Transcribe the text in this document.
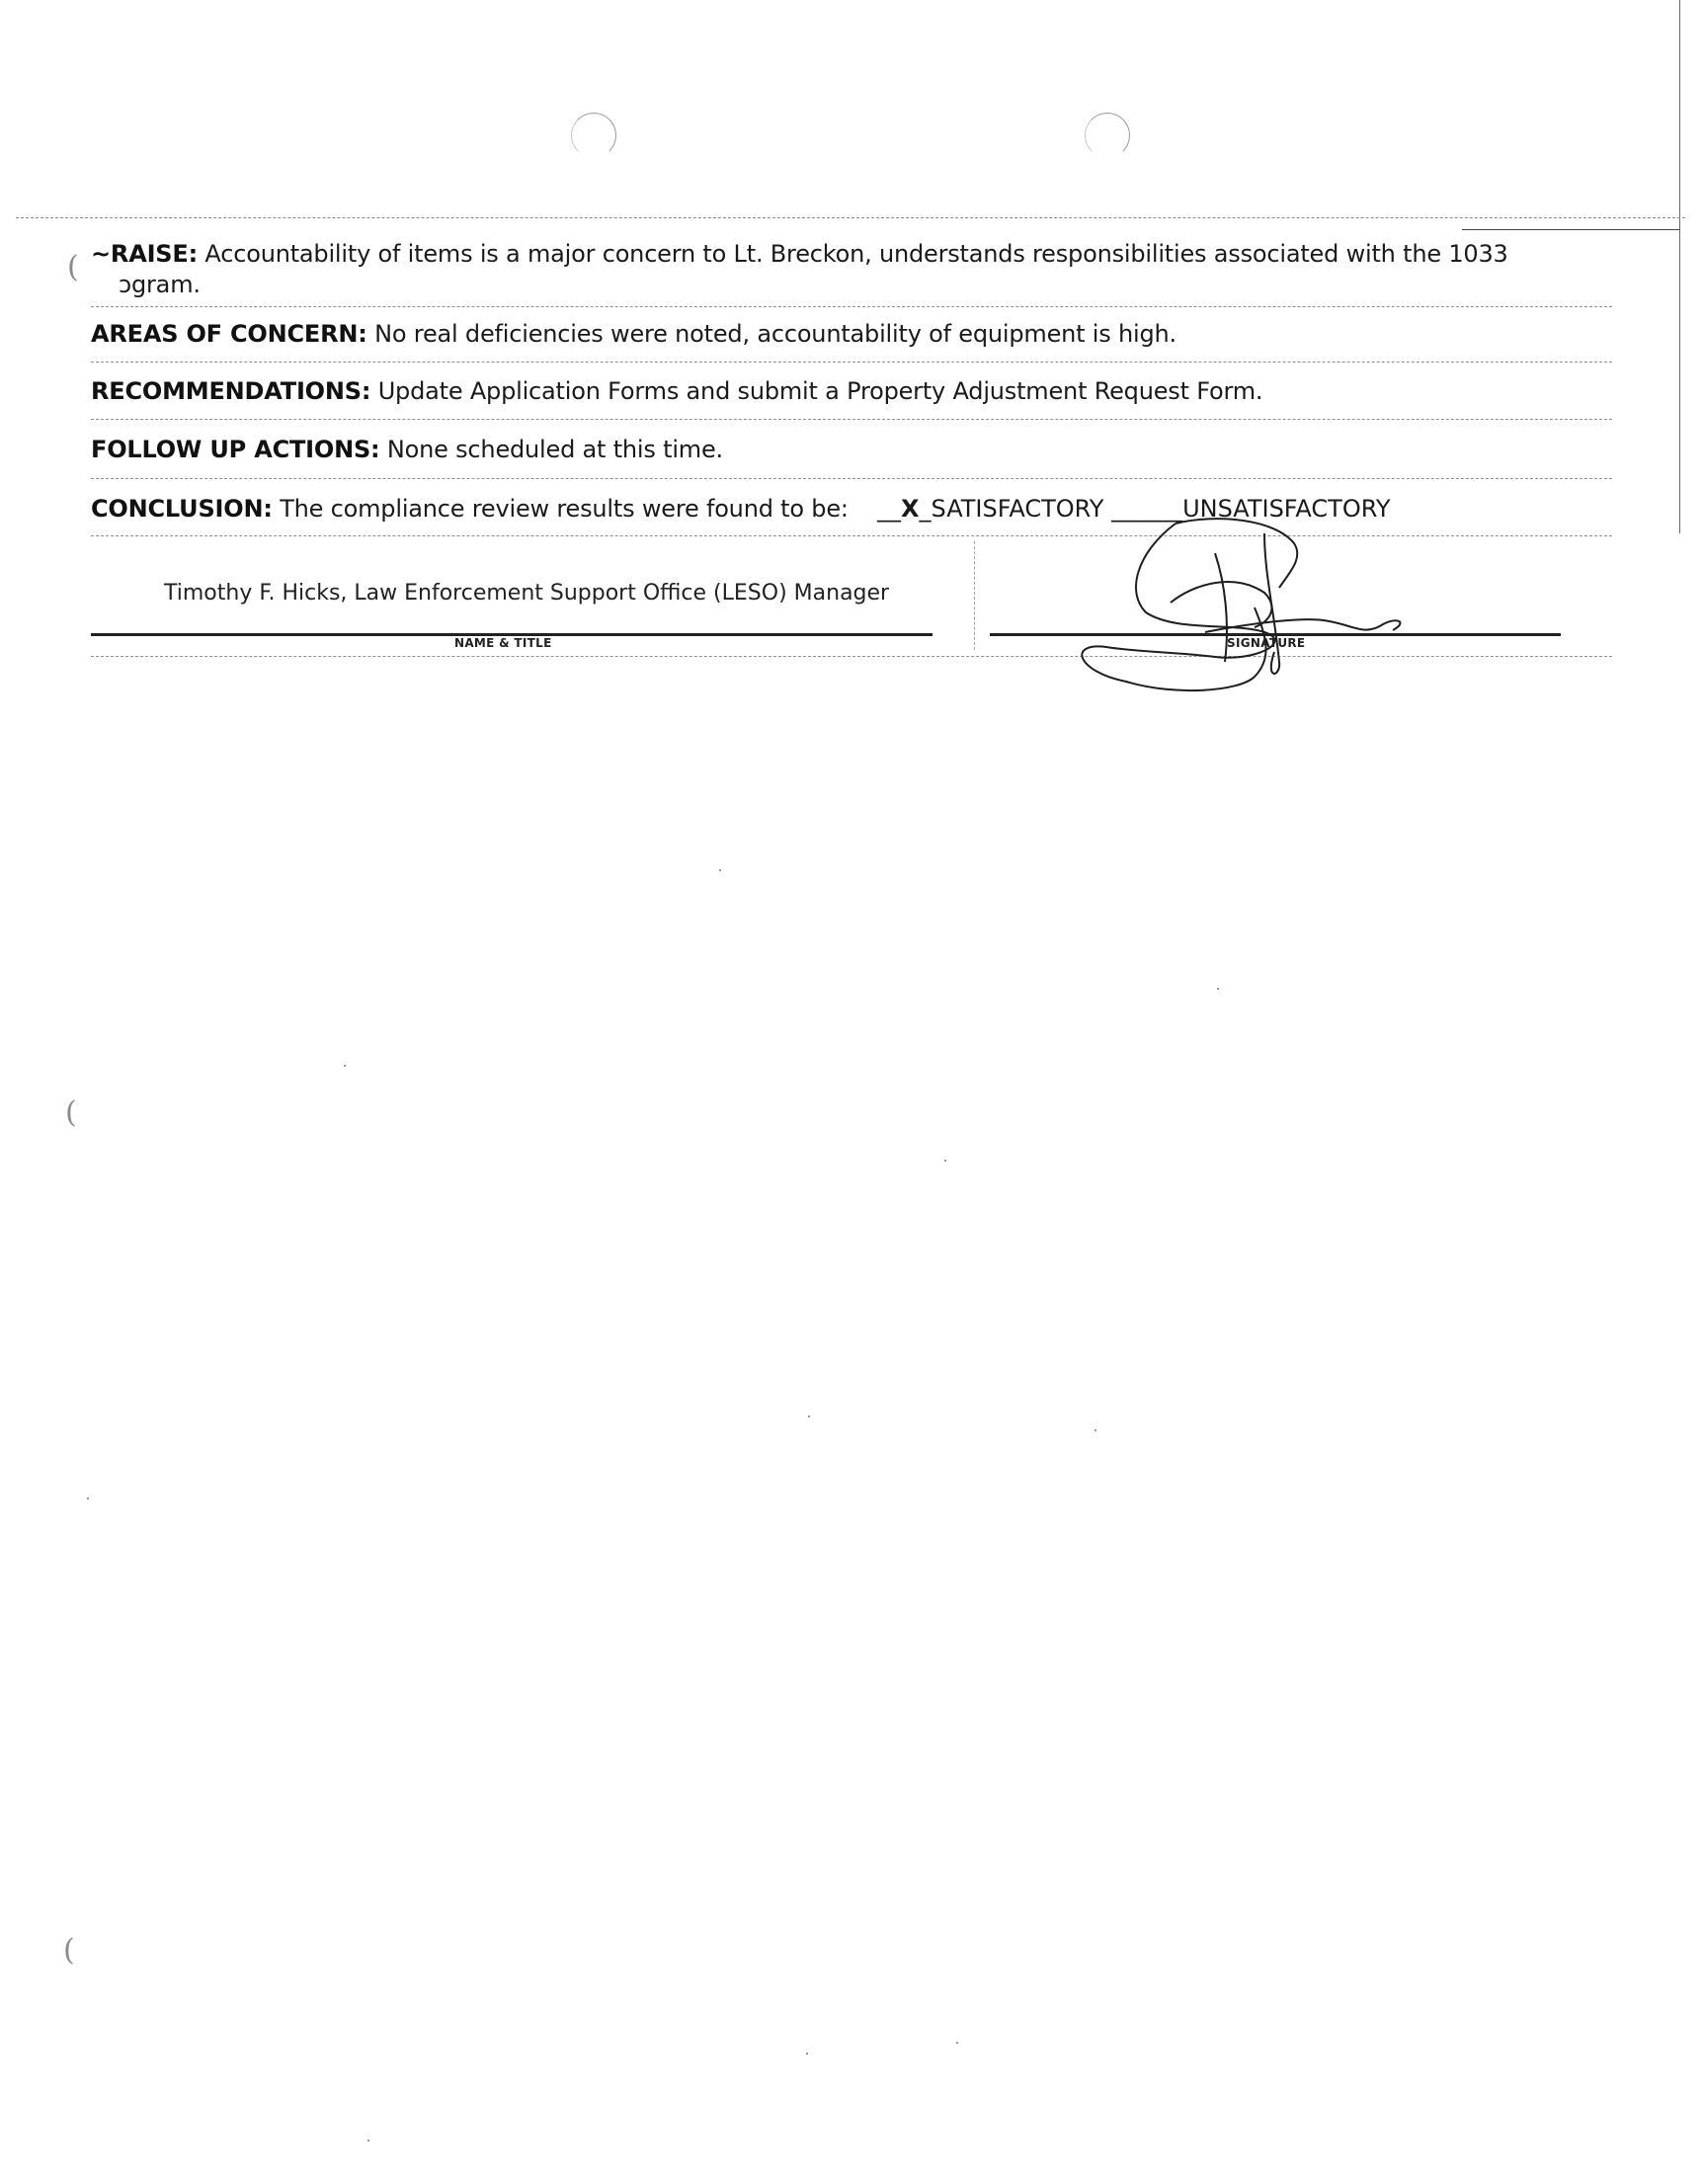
(
(
(
~RAISE: Accountability of items is a major concern to Lt. Breckon, understands responsibilities associated with the 1033
ɔgram.
AREAS OF CONCERN: No real deficiencies were noted, accountability of equipment is high.
RECOMMENDATIONS: Update Application Forms and submit a Property Adjustment Request Form.
FOLLOW UP ACTIONS: None scheduled at this time.
CONCLUSION: The compliance review results were found to be:	__X_SATISFACTORY ______UNSATISFACTORY
Timothy F. Hicks, Law Enforcement Support Office (LESO) Manager
NAME & TITLE	SIGNATURE
